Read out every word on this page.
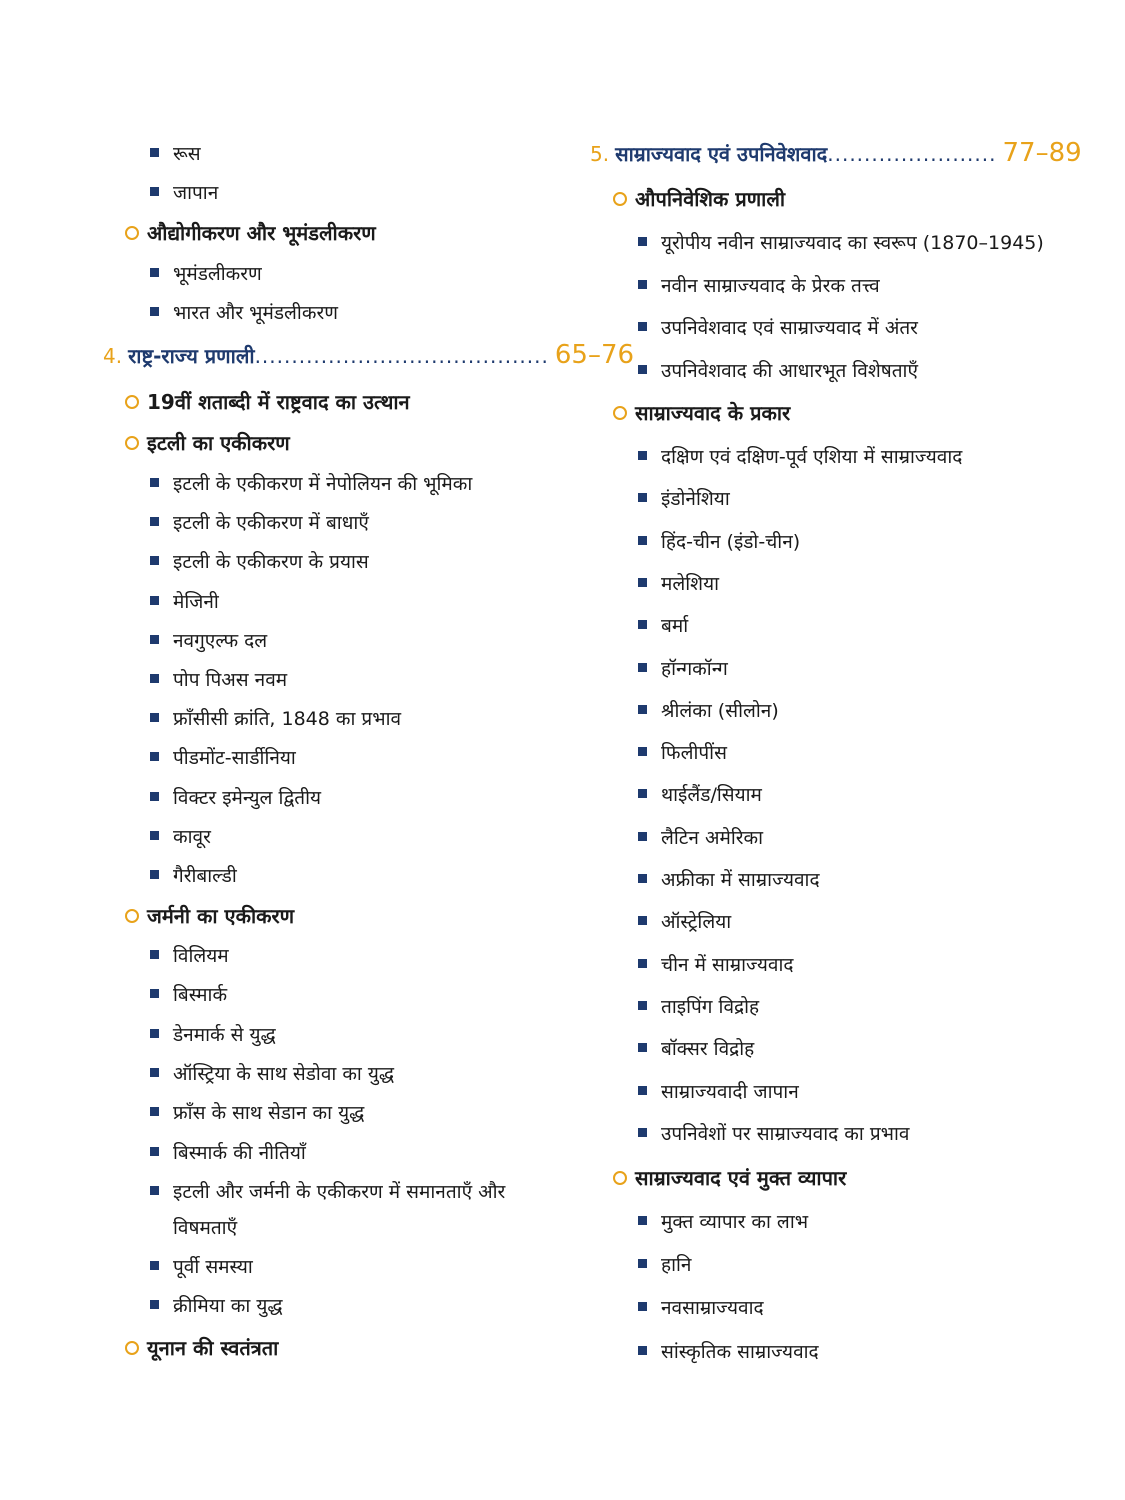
रूस
जापान
औद्योगीकरण और भूमंडलीकरण
भूमंडलीकरण
भारत और भूमंडलीकरण
4. राष्ट्र-राज्य प्रणाली........................................ 65–76
19वीं शताब्दी में राष्ट्रवाद का उत्थान
इटली का एकीकरण
इटली के एकीकरण में नेपोलियन की भूमिका
इटली के एकीकरण में बाधाएँ
इटली के एकीकरण के प्रयास
मेजिनी
नवगुएल्फ दल
पोप पिअस नवम
फ्राँसीसी क्रांति, 1848 का प्रभाव
पीडमोंट-सार्डीनिया
विक्टर इमेन्युल द्वितीय
कावूर
गैरीबाल्डी
जर्मनी का एकीकरण
विलियम
बिस्मार्क
डेनमार्क से युद्ध
ऑस्ट्रिया के साथ सेडोवा का युद्ध
फ्राँस के साथ सेडान का युद्ध
बिस्मार्क की नीतियाँ
इटली और जर्मनी के एकीकरण में समानताएँ और
विषमताएँ
पूर्वी समस्या
क्रीमिया का युद्ध
यूनान की स्वतंत्रता
5. साम्राज्यवाद एवं उपनिवेशवाद....................... 77–89
औपनिवेशिक प्रणाली
यूरोपीय नवीन साम्राज्यवाद का स्वरूप (1870–1945)
नवीन साम्राज्यवाद के प्रेरक तत्त्व
उपनिवेशवाद एवं साम्राज्यवाद में अंतर
उपनिवेशवाद की आधारभूत विशेषताएँ
साम्राज्यवाद के प्रकार
दक्षिण एवं दक्षिण-पूर्व एशिया में साम्राज्यवाद
इंडोनेशिया
हिंद-चीन (इंडो-चीन)
मलेशिया
बर्मा
हॉन्गकॉन्ग
श्रीलंका (सीलोन)
फिलीपींस
थाईलैंड/सियाम
लैटिन अमेरिका
अफ्रीका में साम्राज्यवाद
ऑस्ट्रेलिया
चीन में साम्राज्यवाद
ताइपिंग विद्रोह
बॉक्सर विद्रोह
साम्राज्यवादी जापान
उपनिवेशों पर साम्राज्यवाद का प्रभाव
साम्राज्यवाद एवं मुक्त व्यापार
मुक्त व्यापार का लाभ
हानि
नवसाम्राज्यवाद
सांस्कृतिक साम्राज्यवाद
